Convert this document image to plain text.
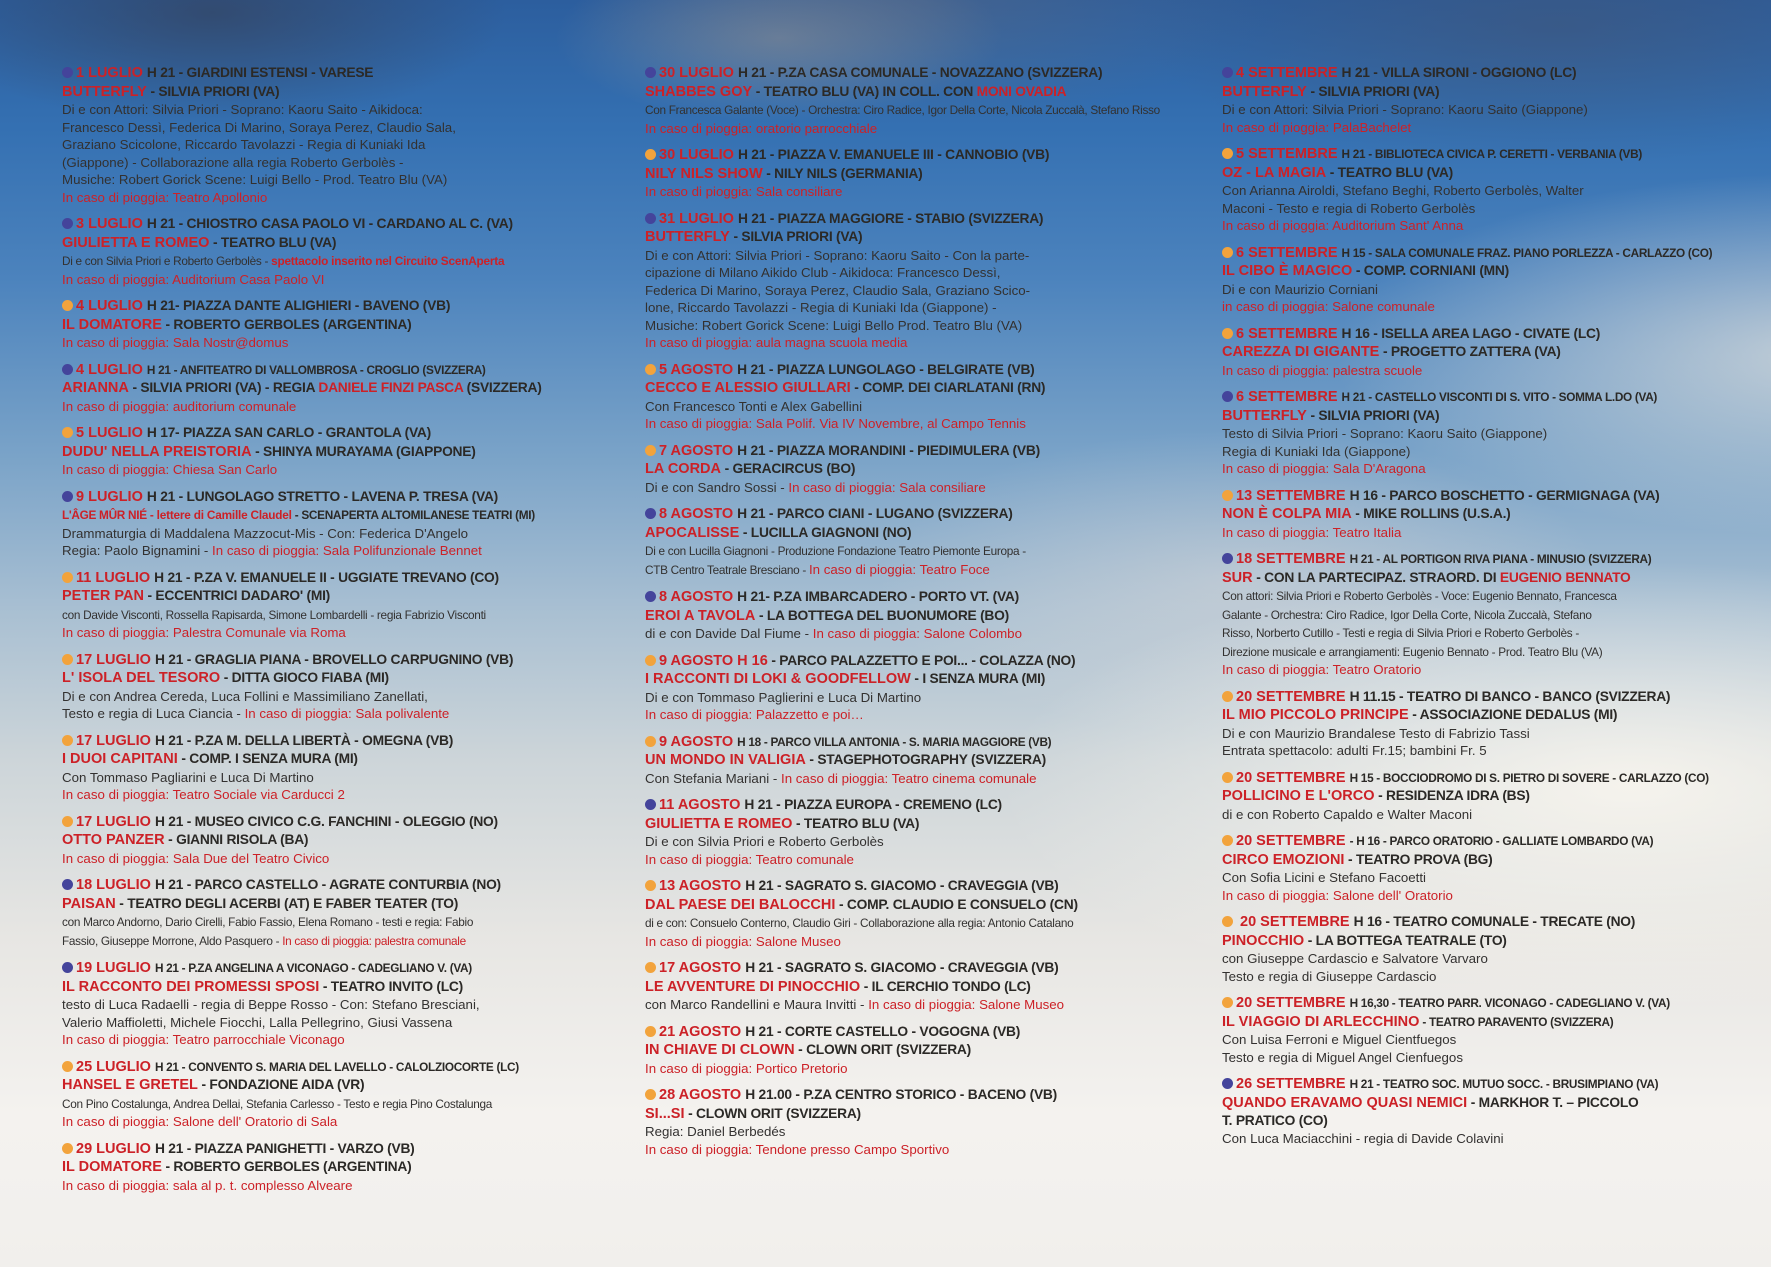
1 LUGLIO H 21 - GIARDINI ESTENSI - VARESE
BUTTERFLY - SILVIA PRIORI (VA)
Di e con Attori: Silvia Priori - Soprano: Kaoru Saito - Aikidoca:
Francesco Dessì, Federica Di Marino, Soraya Perez, Claudio Sala,
Graziano Scicolone, Riccardo Tavolazzi - Regia di Kuniaki Ida
(Giappone) - Collaborazione alla regia Roberto Gerbolès -
Musiche: Robert Gorick Scene: Luigi Bello - Prod. Teatro Blu (VA)
In caso di pioggia: Teatro Apollonio
3 LUGLIO H 21 - CHIOSTRO CASA PAOLO VI - CARDANO AL C. (VA)
GIULIETTA E ROMEO - TEATRO BLU (VA)
Di e con Silvia Priori e Roberto Gerbolès - spettacolo inserito nel Circuito ScenAperta
In caso di pioggia: Auditorium Casa Paolo VI
4 LUGLIO H 21- PIAZZA DANTE ALIGHIERI - BAVENO (VB)
IL DOMATORE - ROBERTO GERBOLES (ARGENTINA)
In caso di pioggia: Sala Nostr@domus
4 LUGLIO H 21 - ANFITEATRO DI VALLOMBROSA - CROGLIO (SVIZZERA)
ARIANNA - SILVIA PRIORI (VA) - REGIA DANIELE FINZI PASCA (SVIZZERA)
In caso di pioggia: auditorium comunale
5 LUGLIO H 17- PIAZZA SAN CARLO - GRANTOLA (VA)
DUDU' NELLA PREISTORIA - SHINYA MURAYAMA (GIAPPONE)
In caso di pioggia: Chiesa San Carlo
9 LUGLIO H 21 - LUNGOLAGO STRETTO - LAVENA P. TRESA (VA)
L'ÂGE MÛR NIÉ - lettere di Camille Claudel - SCENAPERTA ALTOMILANESE TEATRI (MI)
Drammaturgia di Maddalena Mazzocut-Mis - Con: Federica D'Angelo
Regia: Paolo Bignamini - In caso di pioggia: Sala Polifunzionale Bennet
11 LUGLIO H 21 - P.ZA V. EMANUELE II - UGGIATE TREVANO (CO)
PETER PAN - ECCENTRICI DADARO' (MI)
con Davide Visconti, Rossella Rapisarda, Simone Lombardelli - regia Fabrizio Visconti
In caso di pioggia: Palestra Comunale via Roma
17 LUGLIO H 21 - GRAGLIA PIANA - BROVELLO CARPUGNINO (VB)
L' ISOLA DEL TESORO - DITTA GIOCO FIABA (MI)
Di e con Andrea Cereda, Luca Follini e Massimiliano Zanellati,
Testo e regia di Luca Ciancia - In caso di pioggia: Sala polivalente
17 LUGLIO H 21 - P.ZA M. DELLA LIBERTÀ - OMEGNA (VB)
I DUOI CAPITANI - COMP. I SENZA MURA (MI)
Con Tommaso Pagliarini e Luca Di Martino
In caso di pioggia: Teatro Sociale via Carducci 2
17 LUGLIO H 21 - MUSEO CIVICO C.G. FANCHINI - OLEGGIO (NO)
OTTO PANZER - GIANNI RISOLA (BA)
In caso di pioggia: Sala Due del Teatro Civico
18 LUGLIO H 21 - PARCO CASTELLO - AGRATE CONTURBIA (NO)
PAISAN - TEATRO DEGLI ACERBI (AT) E FABER TEATER (TO)
con Marco Andorno, Dario Cirelli, Fabio Fassio, Elena Romano - testi e regia: Fabio
Fassio, Giuseppe Morrone, Aldo Pasquero - In caso di pioggia: palestra comunale
19 LUGLIO H 21 - P.ZA ANGELINA A VICONAGO - CADEGLIANO V. (VA)
IL RACCONTO DEI PROMESSI SPOSI - TEATRO INVITO (LC)
testo di Luca Radaelli - regia di Beppe Rosso - Con: Stefano Bresciani,
Valerio Maffioletti, Michele Fiocchi, Lalla Pellegrino, Giusi Vassena
In caso di pioggia: Teatro parrocchiale Viconago
25 LUGLIO H 21 - CONVENTO S. MARIA DEL LAVELLO - CALOLZIOCORTE (LC)
HANSEL E GRETEL - FONDAZIONE AIDA (VR)
Con Pino Costalunga, Andrea Dellai, Stefania Carlesso - Testo e regia Pino Costalunga
In caso di pioggia: Salone dell' Oratorio di Sala
29 LUGLIO H 21 - PIAZZA PANIGHETTI - VARZO (VB)
IL DOMATORE - ROBERTO GERBOLES (ARGENTINA)
In caso di pioggia: sala al p. t. complesso Alveare
30 LUGLIO H 21 - P.ZA CASA COMUNALE - NOVAZZANO (SVIZZERA)
SHABBES GOY - TEATRO BLU (VA) IN COLL. CON MONI OVADIA
Con Francesca Galante (Voce) - Orchestra: Ciro Radice, Igor Della Corte, Nicola Zuccalà, Stefano Risso
In caso di pioggia: oratorio parrocchiale
30 LUGLIO H 21 - PIAZZA V. EMANUELE III - CANNOBIO (VB)
NILY NILS SHOW - NILY NILS (GERMANIA)
In caso di pioggia: Sala consiliare
31 LUGLIO H 21 - PIAZZA MAGGIORE - STABIO (SVIZZERA)
BUTTERFLY - SILVIA PRIORI (VA)
Di e con Attori: Silvia Priori - Soprano: Kaoru Saito - Con la parte-
cipazione di Milano Aikido Club - Aikidoca: Francesco Dessì,
Federica Di Marino, Soraya Perez, Claudio Sala, Graziano Scico-
lone, Riccardo Tavolazzi - Regia di Kuniaki Ida (Giappone) -
Musiche: Robert Gorick Scene: Luigi Bello Prod. Teatro Blu (VA)
In caso di pioggia: aula magna scuola media
5 AGOSTO H 21 - PIAZZA LUNGOLAGO - BELGIRATE (VB)
CECCO E ALESSIO GIULLARI - COMP. DEI CIARLATANI (RN)
Con Francesco Tonti e Alex Gabellini
In caso di pioggia: Sala Polif. Via IV Novembre, al Campo Tennis
7 AGOSTO H 21 - PIAZZA MORANDINI - PIEDIMULERA (VB)
LA CORDA - GERACIRCUS (BO)
Di e con Sandro Sossi - In caso di pioggia: Sala consiliare
8 AGOSTO H 21 - PARCO CIANI - LUGANO (SVIZZERA)
APOCALISSE - LUCILLA GIAGNONI (NO)
Di e con Lucilla Giagnoni - Produzione Fondazione Teatro Piemonte Europa -
CTB Centro Teatrale Bresciano - In caso di pioggia: Teatro Foce
8 AGOSTO H 21- P.ZA IMBARCADERO - PORTO VT. (VA)
EROI A TAVOLA - LA BOTTEGA DEL BUONUMORE (BO)
di e con Davide Dal Fiume - In caso di pioggia: Salone Colombo
9 AGOSTO H 16 - PARCO PALAZZETTO E POI... - COLAZZA (NO)
I RACCONTI DI LOKI & GOODFELLOW - I SENZA MURA (MI)
Di e con Tommaso Paglierini e Luca Di Martino
In caso di pioggia: Palazzetto e poi…
9 AGOSTO H 18 - PARCO VILLA ANTONIA - S. MARIA MAGGIORE (VB)
UN MONDO IN VALIGIA - STAGEPHOTOGRAPHY (SVIZZERA)
Con Stefania Mariani - In caso di pioggia: Teatro cinema comunale
11 AGOSTO H 21 - PIAZZA EUROPA - CREMENO (LC)
GIULIETTA E ROMEO - TEATRO BLU (VA)
Di e con Silvia Priori e Roberto Gerbolès
In caso di pioggia: Teatro comunale
13 AGOSTO H 21 - SAGRATO S. GIACOMO - CRAVEGGIA (VB)
DAL PAESE DEI BALOCCHI - COMP. CLAUDIO E CONSUELO (CN)
di e con: Consuelo Conterno, Claudio Giri - Collaborazione alla regia: Antonio Catalano
In caso di pioggia: Salone Museo
17 AGOSTO H 21 - SAGRATO S. GIACOMO - CRAVEGGIA (VB)
LE AVVENTURE DI PINOCCHIO - IL CERCHIO TONDO (LC)
con Marco Randellini e Maura Invitti - In caso di pioggia: Salone Museo
21 AGOSTO H 21 - CORTE CASTELLO - VOGOGNA (VB)
IN CHIAVE DI CLOWN - CLOWN ORIT (SVIZZERA)
In caso di pioggia: Portico Pretorio
28 AGOSTO H 21.00 - P.ZA CENTRO STORICO - BACENO (VB)
SI...SI - CLOWN ORIT (SVIZZERA)
Regia: Daniel Berbedés
In caso di pioggia: Tendone presso Campo Sportivo
4 SETTEMBRE H 21 - VILLA SIRONI - OGGIONO (LC)
BUTTERFLY - SILVIA PRIORI (VA)
Di e con Attori: Silvia Priori - Soprano: Kaoru Saito (Giappone)
In caso di pioggia: PalaBachelet
5 SETTEMBRE H 21 - BIBLIOTECA CIVICA P. CERETTI - VERBANIA (VB)
OZ - LA MAGIA - TEATRO BLU (VA)
Con Arianna Airoldi, Stefano Beghi, Roberto Gerbolès, Walter
Maconi - Testo e regia di Roberto Gerbolès
In caso di pioggia: Auditorium Sant' Anna
6 SETTEMBRE H 15 - SALA COMUNALE FRAZ. PIANO PORLEZZA - CARLAZZO (CO)
IL CIBO È MAGICO - COMP. CORNIANI (MN)
Di e con Maurizio Corniani
in caso di pioggia: Salone comunale
6 SETTEMBRE H 16 - ISELLA AREA LAGO - CIVATE (LC)
CAREZZA DI GIGANTE - PROGETTO ZATTERA (VA)
In caso di pioggia: palestra scuole
6 SETTEMBRE H 21 - CASTELLO VISCONTI DI S. VITO - SOMMA L.DO (VA)
BUTTERFLY - SILVIA PRIORI (VA)
Testo di Silvia Priori - Soprano: Kaoru Saito (Giappone)
Regia di Kuniaki Ida (Giappone)
In caso di pioggia: Sala D'Aragona
13 SETTEMBRE H 16 - PARCO BOSCHETTO - GERMIGNAGA (VA)
NON È COLPA MIA - MIKE ROLLINS (U.S.A.)
In caso di pioggia: Teatro Italia
18 SETTEMBRE H 21 - AL PORTIGON RIVA PIANA - MINUSIO (SVIZZERA)
SUR - CON LA PARTECIPAZ. STRAORD. DI EUGENIO BENNATO
Con attori: Silvia Priori e Roberto Gerbolès - Voce: Eugenio Bennato, Francesca
Galante - Orchestra: Ciro Radice, Igor Della Corte, Nicola Zuccalà, Stefano
Risso, Norberto Cutillo - Testi e regia di Silvia Priori e Roberto Gerbolès -
Direzione musicale e arrangiamenti: Eugenio Bennato - Prod. Teatro Blu (VA)
In caso di pioggia: Teatro Oratorio
20 SETTEMBRE H 11.15 - TEATRO DI BANCO - BANCO (SVIZZERA)
IL MIO PICCOLO PRINCIPE - ASSOCIAZIONE DEDALUS (MI)
Di e con Maurizio Brandalese Testo di Fabrizio Tassi
Entrata spettacolo: adulti Fr.15; bambini Fr. 5
20 SETTEMBRE H 15 - BOCCIODROMO DI S. PIETRO DI SOVERE - CARLAZZO (CO)
POLLICINO E L'ORCO - RESIDENZA IDRA (BS)
di e con Roberto Capaldo e Walter Maconi
20 SETTEMBRE - H 16 - PARCO ORATORIO - GALLIATE LOMBARDO (VA)
CIRCO EMOZIONI - TEATRO PROVA (BG)
Con Sofia Licini e Stefano Facoetti
In caso di pioggia: Salone dell' Oratorio
20 SETTEMBRE H 16 - TEATRO COMUNALE - TRECATE (NO)
PINOCCHIO - LA BOTTEGA TEATRALE (TO)
con Giuseppe Cardascio e Salvatore Varvaro
Testo e regia di Giuseppe Cardascio
20 SETTEMBRE H 16,30 - TEATRO PARR. VICONAGO - CADEGLIANO V. (VA)
IL VIAGGIO DI ARLECCHINO - TEATRO PARAVENTO (SVIZZERA)
Con Luisa Ferroni e Miguel Cientfuegos
Testo e regia di Miguel Angel Cienfuegos
26 SETTEMBRE H 21 - TEATRO SOC. MUTUO SOCC. - BRUSIMPIANO (VA)
QUANDO ERAVAMO QUASI NEMICI - MARKHOR T. – PICCOLO
T. PRATICO (CO)
Con Luca Maciacchini - regia di Davide Colavini
